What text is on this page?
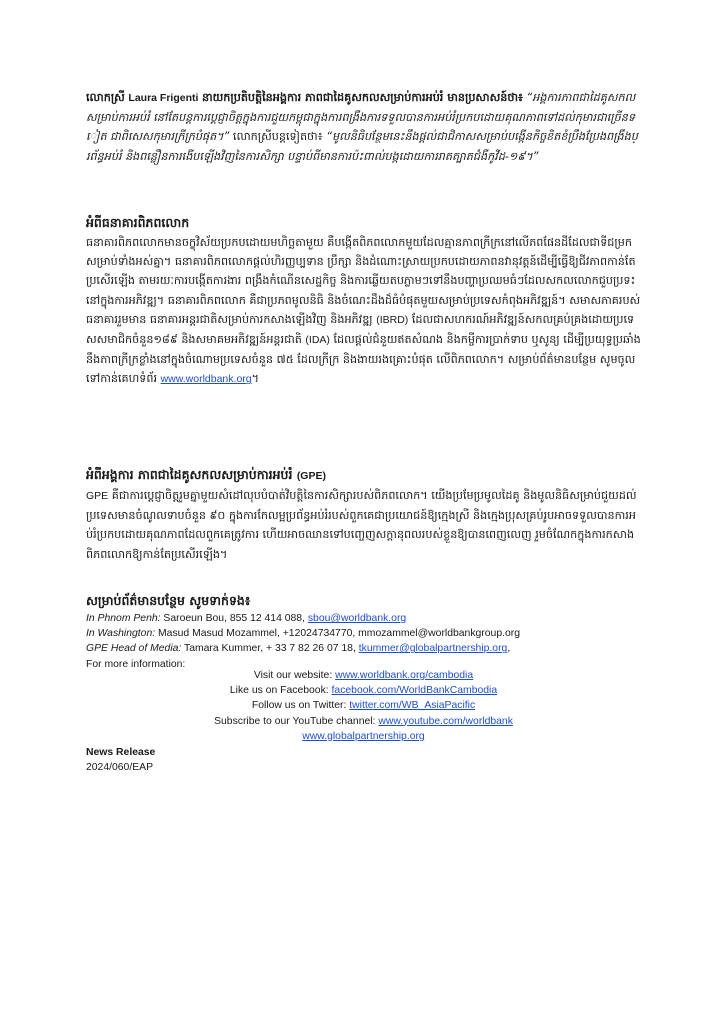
លោកស្រី Laura Frigenti នាយកប្រតិបត្តិនៃអង្គការ ភាពជាដៃគូសកលសម្រាប់ការអប់រំ មានប្រសាសន៍ថា៖ “អង្គការភាពជាដៃគូសកលសម្រាប់ការអប់រំ នៅតែបន្តការប្តេជ្ញាចិត្តក្នុងការជួយកម្ពុជាក្នុងការពង្រឹងការទទួលបានការអប់រំប្រកបដោយគុណភាពទៅដល់កុមារជាច្រើនទៀត ជាពិសេសកុមារក្រីក្របំផុត។” លោកស្រីបន្តទៀតថា៖ “មូលនិធិបន្ថែមនេះនឹងផ្តល់ជាជិកាសសម្រាប់បង្កើនកិច្ចខិតខំប្រឹងប្រែងពង្រឹងប្រព័ន្ធអប់រំ និងពន្លឿនការងើបឡើងវិញនៃការសិក្សា បន្ទាប់ពីមានការប៉ះពាល់បង្កដោយការរាតត្បាតជំងឺកូវីដ-១៩។”

អំពីធនាគារពិភពលោក

ធនាគារពិភពលោកមានចក្ខុវិស័យប្រកបដោយមហិច្ឆតាមួយ គឺបង្កើតពិភពលោកមួយដែលគ្មានភាពក្រីក្រនៅលើភពផែនដីដែលជាទីជម្រកសម្រាប់ទាំងអស់គ្នា។ ធនាគារពិភពលោកផ្តល់ហិរញ្ញប្បទាន ប្រឹក្សា និងដំណោះស្រាយប្រកបដោយភាពនវានុវត្តន៍ដើម្បីធ្វើឱ្យជីវភាពកាន់តែប្រសើរឡើង តាមរយៈការបង្កើតការងារ ពង្រឹងកំណើនសេដ្ឋកិច្ច និងការឆ្លើយតបភ្លាមៗទៅនឹងបញ្ហាប្រឈមធំៗដែលសកលលោកជួបប្រទះនៅក្នុងការអភិវឌ្ឍ។ ធនាគារពិភពលោក គឺជាប្រភពមូលនិធិ និងចំណេះដឹងដ៏ធំបំផុតមួយសម្រាប់ប្រទេសកំពុងអភិវឌ្ឍន៍។ សមាសភាគរបស់ធនាគាររួមមាន ធនាគារអន្តរជាតិសម្រាប់ការកសាងឡើងវិញ និងអភិវឌ្ឍ (IBRD) ដែលជាសហករណ៍អភិវឌ្ឍន៍សកលគ្រប់គ្រងដោយប្រទេសសមាជិកចំនួន១៨៩ និងសមាគមអភិវឌ្ឍន៍អន្តរជាតិ (IDA) ដែលផ្តល់ជំនួយឥតសំណង និងកម្ចីការប្រាក់ទាប ឬសូន្យ ដើម្បីប្រយុទ្ធប្រឆាំងនឹងភាពក្រីក្រខ្លាំងនៅក្នុងចំណោមប្រទេសចំនួន ៧៥ ដែលក្រីក្រ និងងាយរងគ្រោះបំផុត លើពិភពលោក។ សម្រាប់ព័ត៌មានបន្ថែម សូមចូលទៅកាន់គេហទំព័រ www.worldbank.org។

អំពីអង្គការ ភាពជាដៃគូសកលសម្រាប់ការអប់រំ (GPE)

GPE គឺជាការប្តេជ្ញាចិត្តរួមគ្នាមួយសំដៅលុបបំបាត់វិបត្តិនៃការសិក្សារបស់ពិភពលោក។ យើងប្រមែប្រមូលដៃគូ និងមូលនិធិសម្រាប់ជួយដល់ប្រទេសមានចំណូលទាបចំនួន ៩០ ក្នុងការកែលម្អប្រព័ន្ធអប់រំរបស់ពួកគេជាប្រយោជន៍ឱ្យក្មេងស្រី និងក្មេងប្រុសគ្រប់រូបអាចទទួលបានការអប់រំប្រកបដោយគុណភាពដែលពួកគេត្រូវការ ហើយអាចឈានទៅបញ្ចេញសក្តានុពលរបស់ខ្លួនឱ្យបានពេញលេញ រួមចំណែកក្នុងការកសាងពិភពលោកឱ្យកាន់តែប្រសើរឡើង។

សម្រាប់ព័ត៌មានបន្ថែម សូមទាក់ទង៖

In Phnom Penh: Saroeun Bou, 855 12 414 088, sbou@worldbank.org
In Washington: Masud Masud Mozammel, +12024734770, mmozammel@worldbankgroup.org
GPE Head of Media: Tamara Kummer, + 33 7 82 26 07 18, tkummer@globalpartnership.org,
For more information:
Visit our website: www.worldbank.org/cambodia
Like us on Facebook: facebook.com/WorldBankCambodia
Follow us on Twitter: twitter.com/WB_AsiaPacific
Subscribe to our YouTube channel: www.youtube.com/worldbank
www.globalpartnership.org
News Release
2024/060/EAP
